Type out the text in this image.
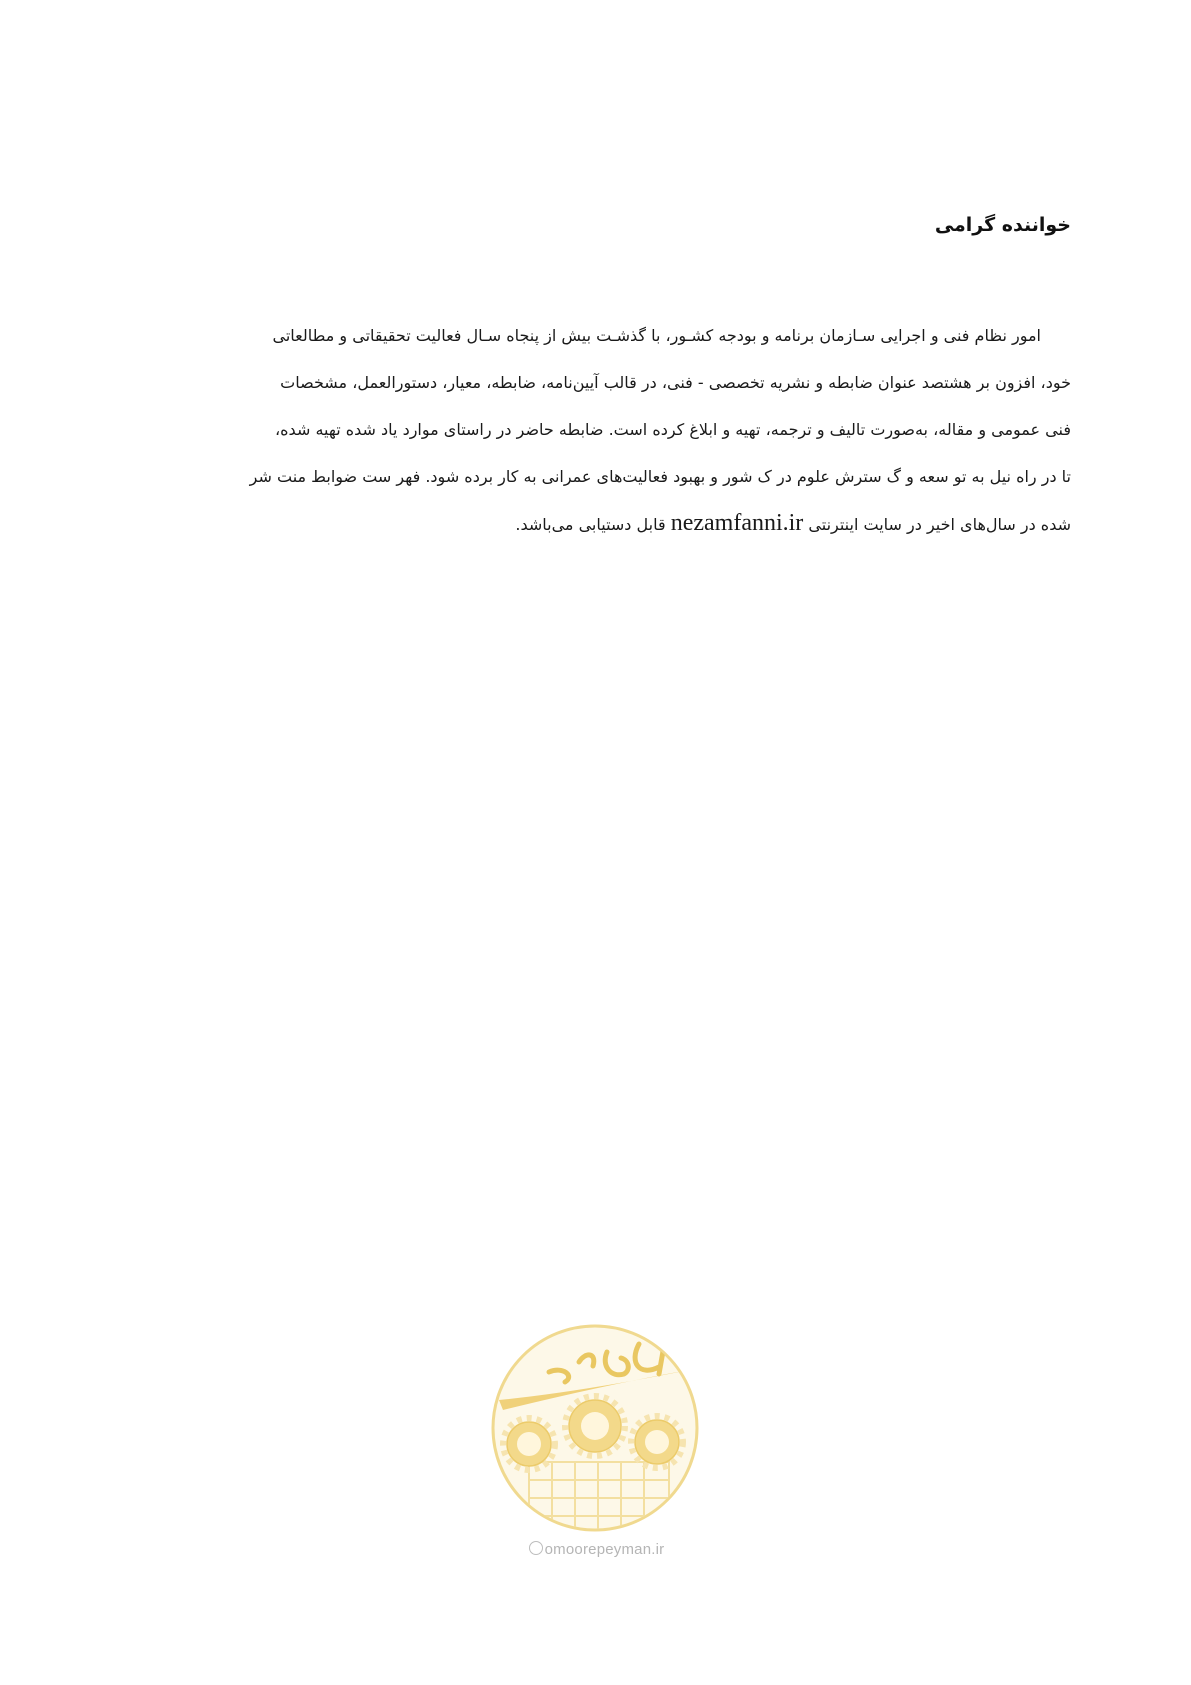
خواننده گرامی

امور نظام فنی و اجرایی سـازمان برنامه و بودجه کشـور، با گذشـت بیش از پنجاه سـال فعالیت تحقیقاتی و مطالعاتی
خود، افزون بر هشتصد عنوان ضابطه و نشریه تخصصی - فنی، در قالب آیین‌نامه، ضابطه، معیار، دستورالعمل، مشخصات
فنی عمومی و مقاله، به‌صورت تالیف و ترجمه، تهیه و ابلاغ کرده است. ضابطه حاضر در راستای موارد یاد شده تهیه شده،
تا در راه نیل به تو سعه و گ سترش علوم در ک شور و بهبود فعالیت‌های عمرانی به کار برده شود. فهر ست ضوابط منت شر
شده در سال‌های اخیر در سایت اینترنتی nezamfanni.ir قابل دستیابی می‌باشد.

omoorepeyman.ir
